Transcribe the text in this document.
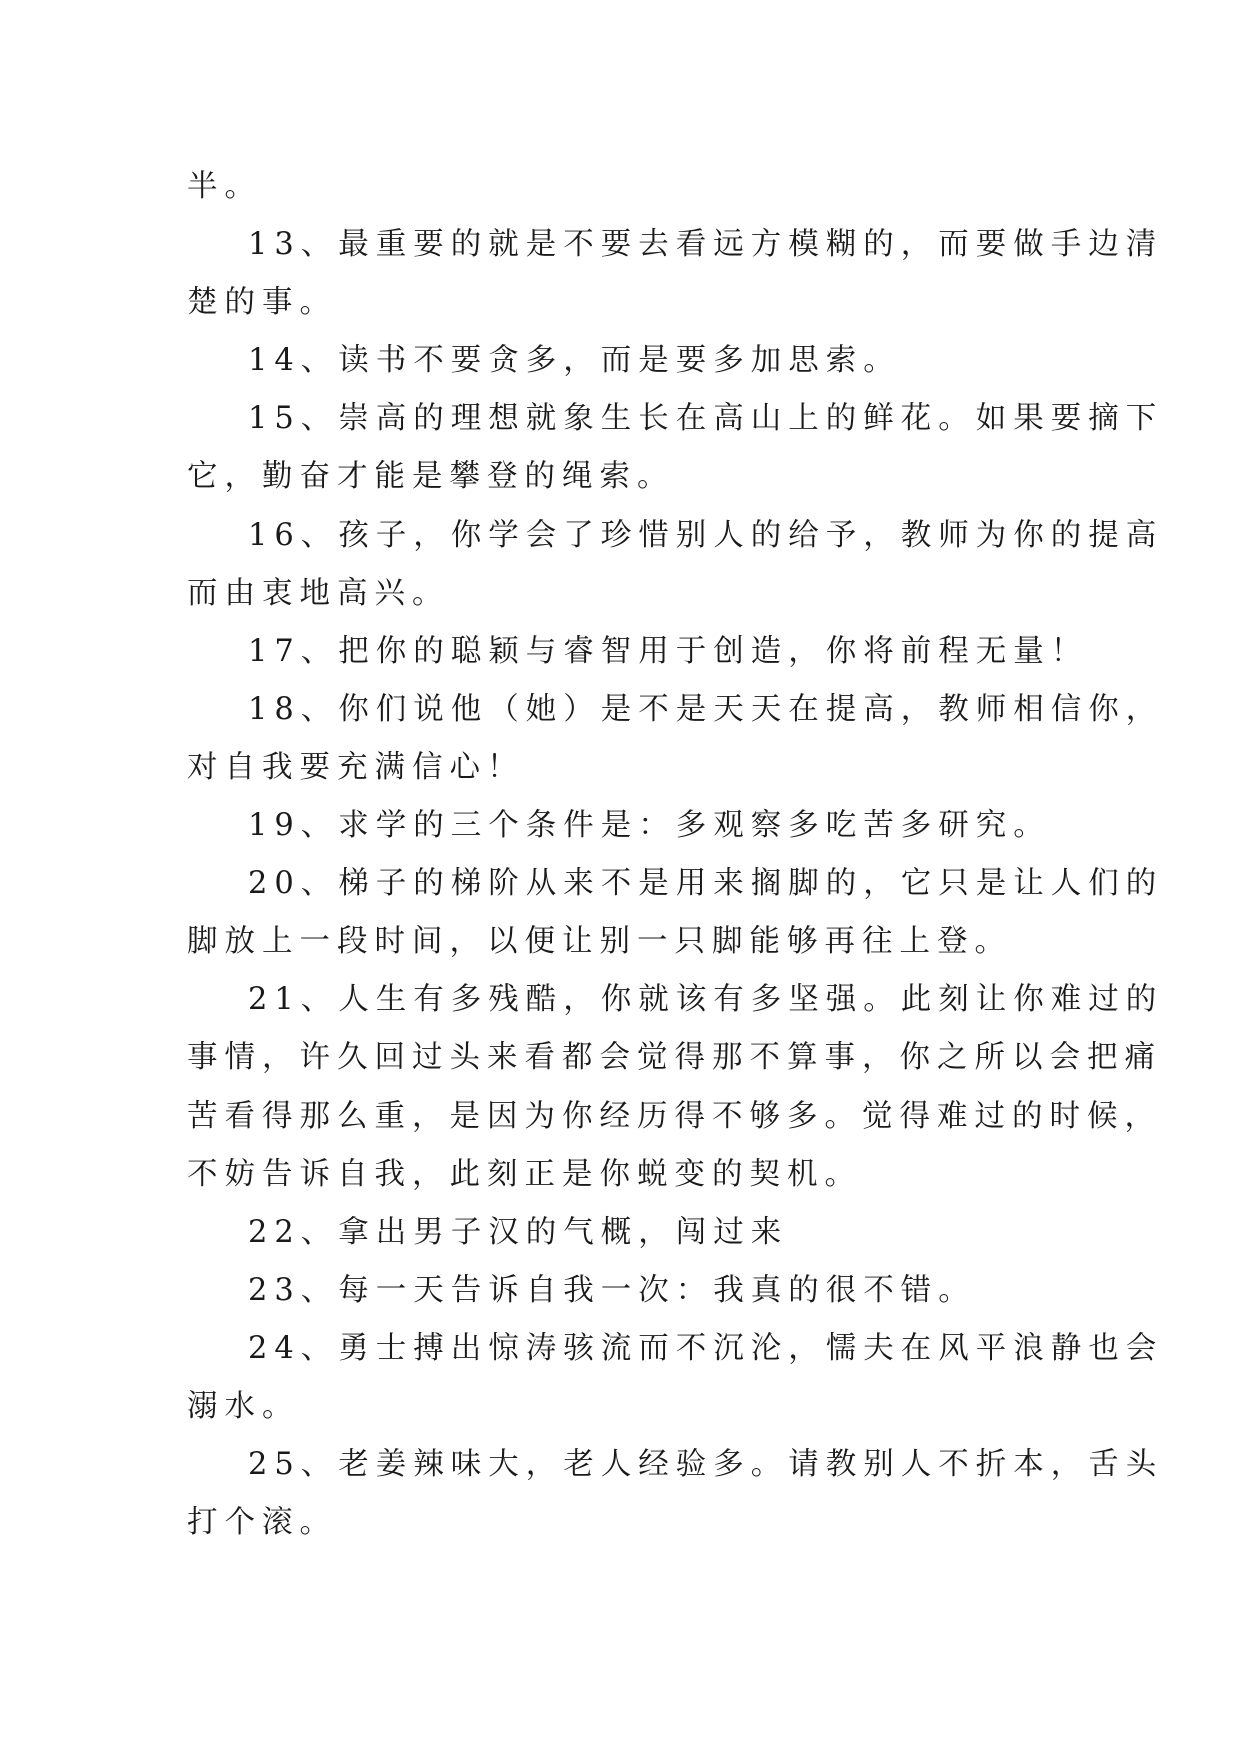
半。
13、最重要的就是不要去看远方模糊的，而要做手边清
楚的事。
14、读书不要贪多，而是要多加思索。
15、崇高的理想就象生长在高山上的鲜花。如果要摘下
它，勤奋才能是攀登的绳索。
16、孩子，你学会了珍惜别人的给予，教师为你的提高
而由衷地高兴。
17、把你的聪颖与睿智用于创造，你将前程无量！
18、你们说他（她）是不是天天在提高，教师相信你，
对自我要充满信心！
19、求学的三个条件是：多观察多吃苦多研究。
20、梯子的梯阶从来不是用来搁脚的，它只是让人们的
脚放上一段时间，以便让别一只脚能够再往上登。
21、人生有多残酷，你就该有多坚强。此刻让你难过的
事情，许久回过头来看都会觉得那不算事，你之所以会把痛
苦看得那么重，是因为你经历得不够多。觉得难过的时候，
不妨告诉自我，此刻正是你蜕变的契机。
22、拿出男子汉的气概，闯过来
23、每一天告诉自我一次：我真的很不错。
24、勇士搏出惊涛骇流而不沉沦，懦夫在风平浪静也会
溺水。
25、老姜辣味大，老人经验多。请教别人不折本，舌头
打个滚。
